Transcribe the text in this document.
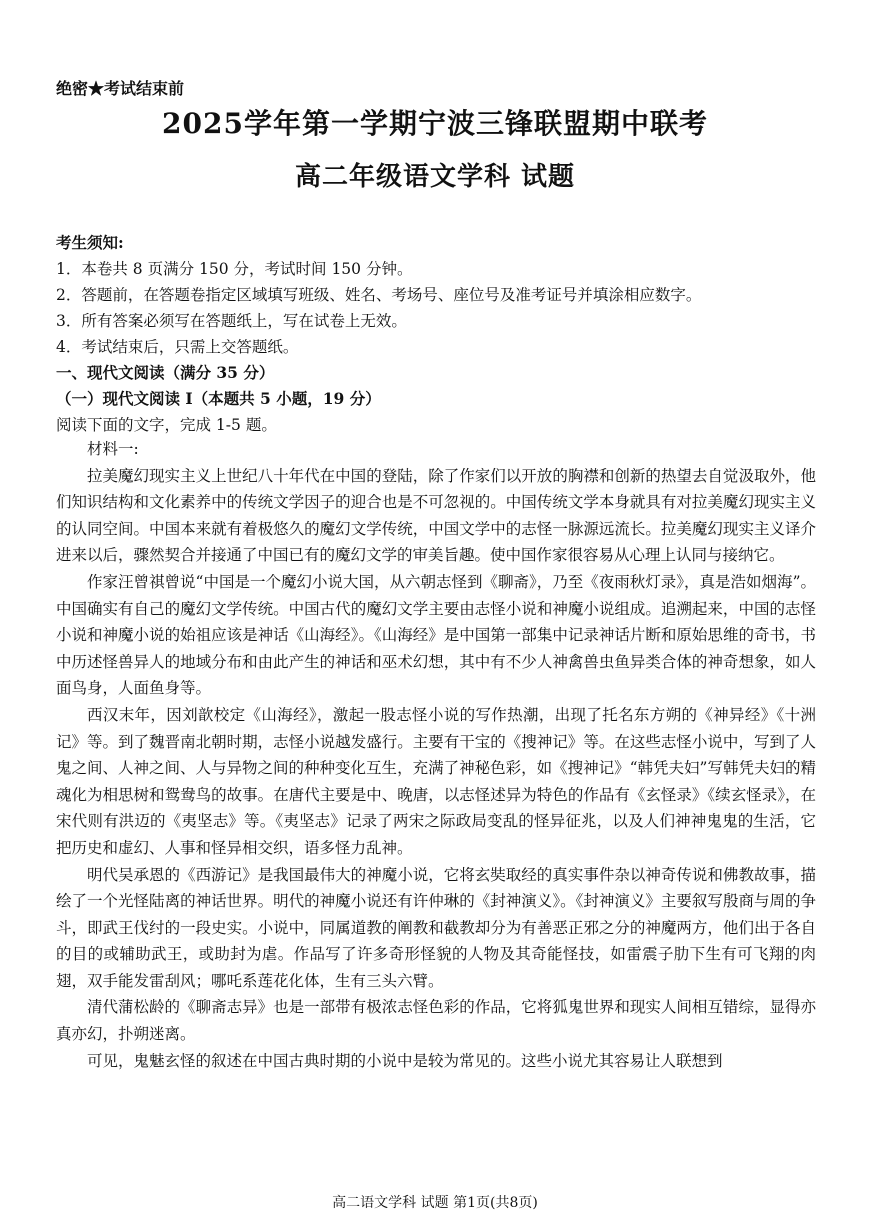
绝密★考试结束前
2025学年第一学期宁波三锋联盟期中联考
高二年级语文学科 试题
考生须知:
1．本卷共 8 页满分 150 分，考试时间 150 分钟。
2．答题前，在答题卷指定区域填写班级、姓名、考场号、座位号及准考证号并填涂相应数字。
3．所有答案必须写在答题纸上，写在试卷上无效。
4．考试结束后，只需上交答题纸。
一、现代文阅读（满分 35 分）
（一）现代文阅读 I（本题共 5 小题，19 分）
阅读下面的文字，完成 1-5 题。

材料一:

拉美魔幻现实主义上世纪八十年代在中国的登陆，除了作家们以开放的胸襟和创新的热望去自觉汲取外，他们知识结构和文化素养中的传统文学因子的迎合也是不可忽视的。中国传统文学本身就具有对拉美魔幻现实主义的认同空间。中国本来就有着极悠久的魔幻文学传统，中国文学中的志怪一脉源远流长。拉美魔幻现实主义译介进来以后，骤然契合并接通了中国已有的魔幻文学的审美旨趣。使中国作家很容易从心理上认同与接纳它。

作家汪曾祺曾说“中国是一个魔幻小说大国，从六朝志怪到《聊斋》，乃至《夜雨秋灯录》，真是浩如烟海”。中国确实有自己的魔幻文学传统。中国古代的魔幻文学主要由志怪小说和神魔小说组成。追溯起来，中国的志怪小说和神魔小说的始祖应该是神话《山海经》。《山海经》是中国第一部集中记录神话片断和原始思维的奇书，书中历述怪兽异人的地域分布和由此产生的神话和巫术幻想，其中有不少人神禽兽虫鱼异类合体的神奇想象，如人面鸟身，人面鱼身等。

西汉末年，因刘歆校定《山海经》，激起一股志怪小说的写作热潮，出现了托名东方朔的《神异经》《十洲记》等。到了魏晋南北朝时期，志怪小说越发盛行。主要有干宝的《搜神记》等。在这些志怪小说中，写到了人鬼之间、人神之间、人与异物之间的种种变化互生，充满了神秘色彩，如《搜神记》“韩凭夫妇”写韩凭夫妇的精魂化为相思树和鸳鸯鸟的故事。在唐代主要是中、晚唐，以志怪述异为特色的作品有《玄怪录》《续玄怪录》，在宋代则有洪迈的《夷坚志》等。《夷坚志》记录了两宋之际政局变乱的怪异征兆，以及人们神神鬼鬼的生活，它把历史和虚幻、人事和怪异相交织，语多怪力乱神。

明代吴承恩的《西游记》是我国最伟大的神魔小说，它将玄奘取经的真实事件杂以神奇传说和佛教故事，描绘了一个光怪陆离的神话世界。明代的神魔小说还有许仲琳的《封神演义》。《封神演义》主要叙写殷商与周的争斗，即武王伐纣的一段史实。小说中，同属道教的阐教和截教却分为有善恶正邪之分的神魔两方，他们出于各自的目的或辅助武王，或助封为虐。作品写了许多奇形怪貌的人物及其奇能怪技，如雷震子肋下生有可飞翔的肉翅，双手能发雷刮风；哪吒系莲花化体，生有三头六臂。

清代蒲松龄的《聊斋志异》也是一部带有极浓志怪色彩的作品，它将狐鬼世界和现实人间相互错综，显得亦真亦幻，扑朔迷离。

可见，鬼魅玄怪的叙述在中国古典时期的小说中是较为常见的。这些小说尤其容易让人联想到

高二语文学科 试题 第1页(共8页)
